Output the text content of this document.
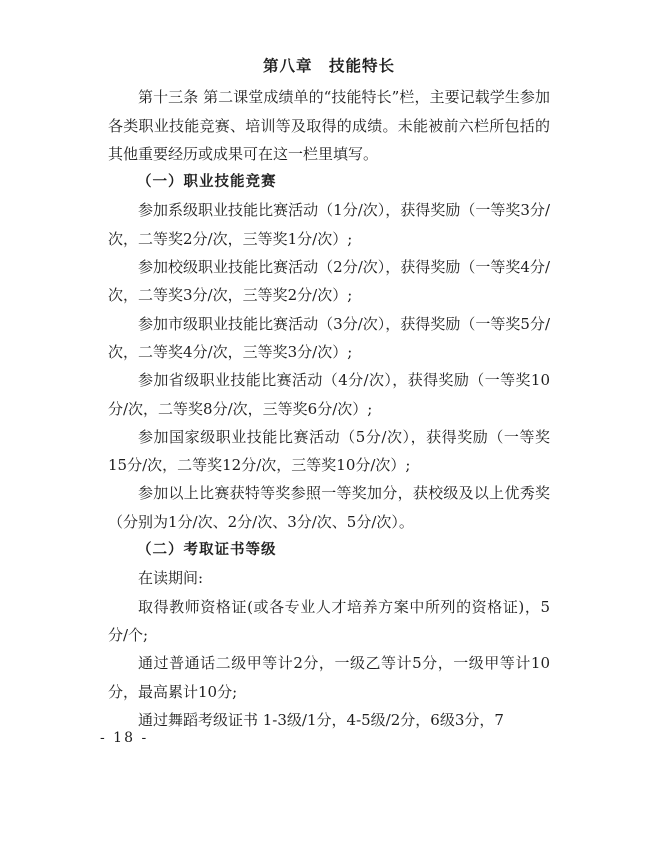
第八章　技能特长

第十三条 第二课堂成绩单的“技能特长”栏，主要记载学生参加各类职业技能竞赛、培训等及取得的成绩。未能被前六栏所包括的其他重要经历或成果可在这一栏里填写。

（一）职业技能竞赛

参加系级职业技能比赛活动（1分/次），获得奖励（一等奖3分/次，二等奖2分/次，三等奖1分/次）;

参加校级职业技能比赛活动（2分/次），获得奖励（一等奖4分/次，二等奖3分/次，三等奖2分/次）;

参加市级职业技能比赛活动（3分/次），获得奖励（一等奖5分/次，二等奖4分/次，三等奖3分/次）;

参加省级职业技能比赛活动（4分/次），获得奖励（一等奖10分/次，二等奖8分/次，三等奖6分/次）;

参加国家级职业技能比赛活动（5分/次），获得奖励（一等奖15分/次，二等奖12分/次，三等奖10分/次）;

参加以上比赛获特等奖参照一等奖加分，获校级及以上优秀奖（分别为1分/次、2分/次、3分/次、5分/次）。

（二）考取证书等级

在读期间:

取得教师资格证(或各专业人才培养方案中所列的资格证)，5分/个;

通过普通话二级甲等计2分，一级乙等计5分，一级甲等计10分，最高累计10分;

通过舞蹈考级证书 1-3级/1分，4-5级/2分，6级3分，7

- 18 -
